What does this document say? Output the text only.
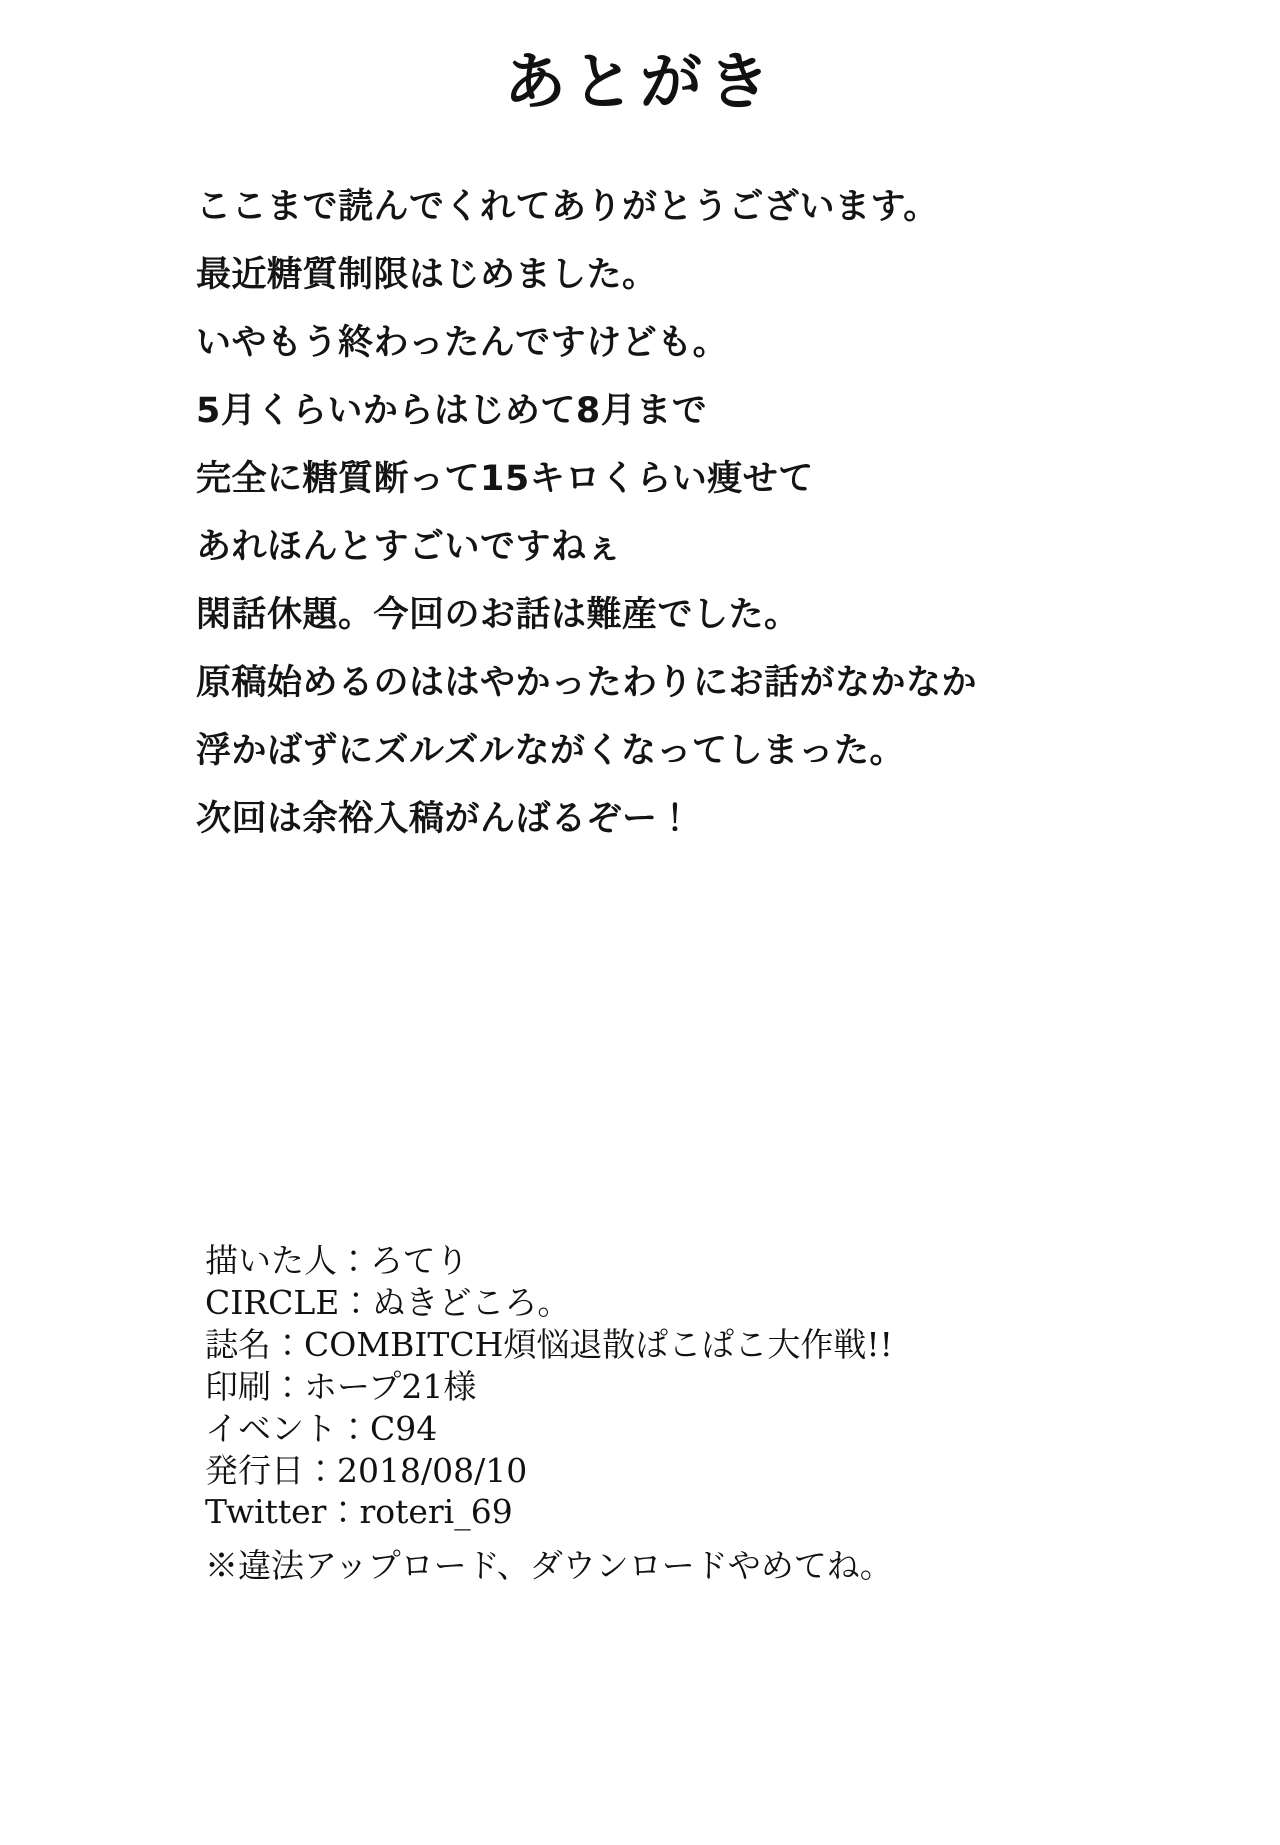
あとがき
ここまで読んでくれてありがとうございます。
最近糖質制限はじめました。
いやもう終わったんですけども。
5月くらいからはじめて8月まで
完全に糖質断って15キロくらい痩せて
あれほんとすごいですねぇ
閑話休題。今回のお話は難産でした。
原稿始めるのははやかったわりにお話がなかなか
浮かばずにズルズルながくなってしまった。
次回は余裕入稿がんばるぞー！
描いた人：ろてり
CIRCLE：ぬきどころ。
誌名：COMBITCH煩悩退散ぱこぱこ大作戦!!
印刷：ホープ21様
イベント：C94
発行日：2018/08/10
Twitter：roteri_69
※違法アップロード、ダウンロードやめてね。
